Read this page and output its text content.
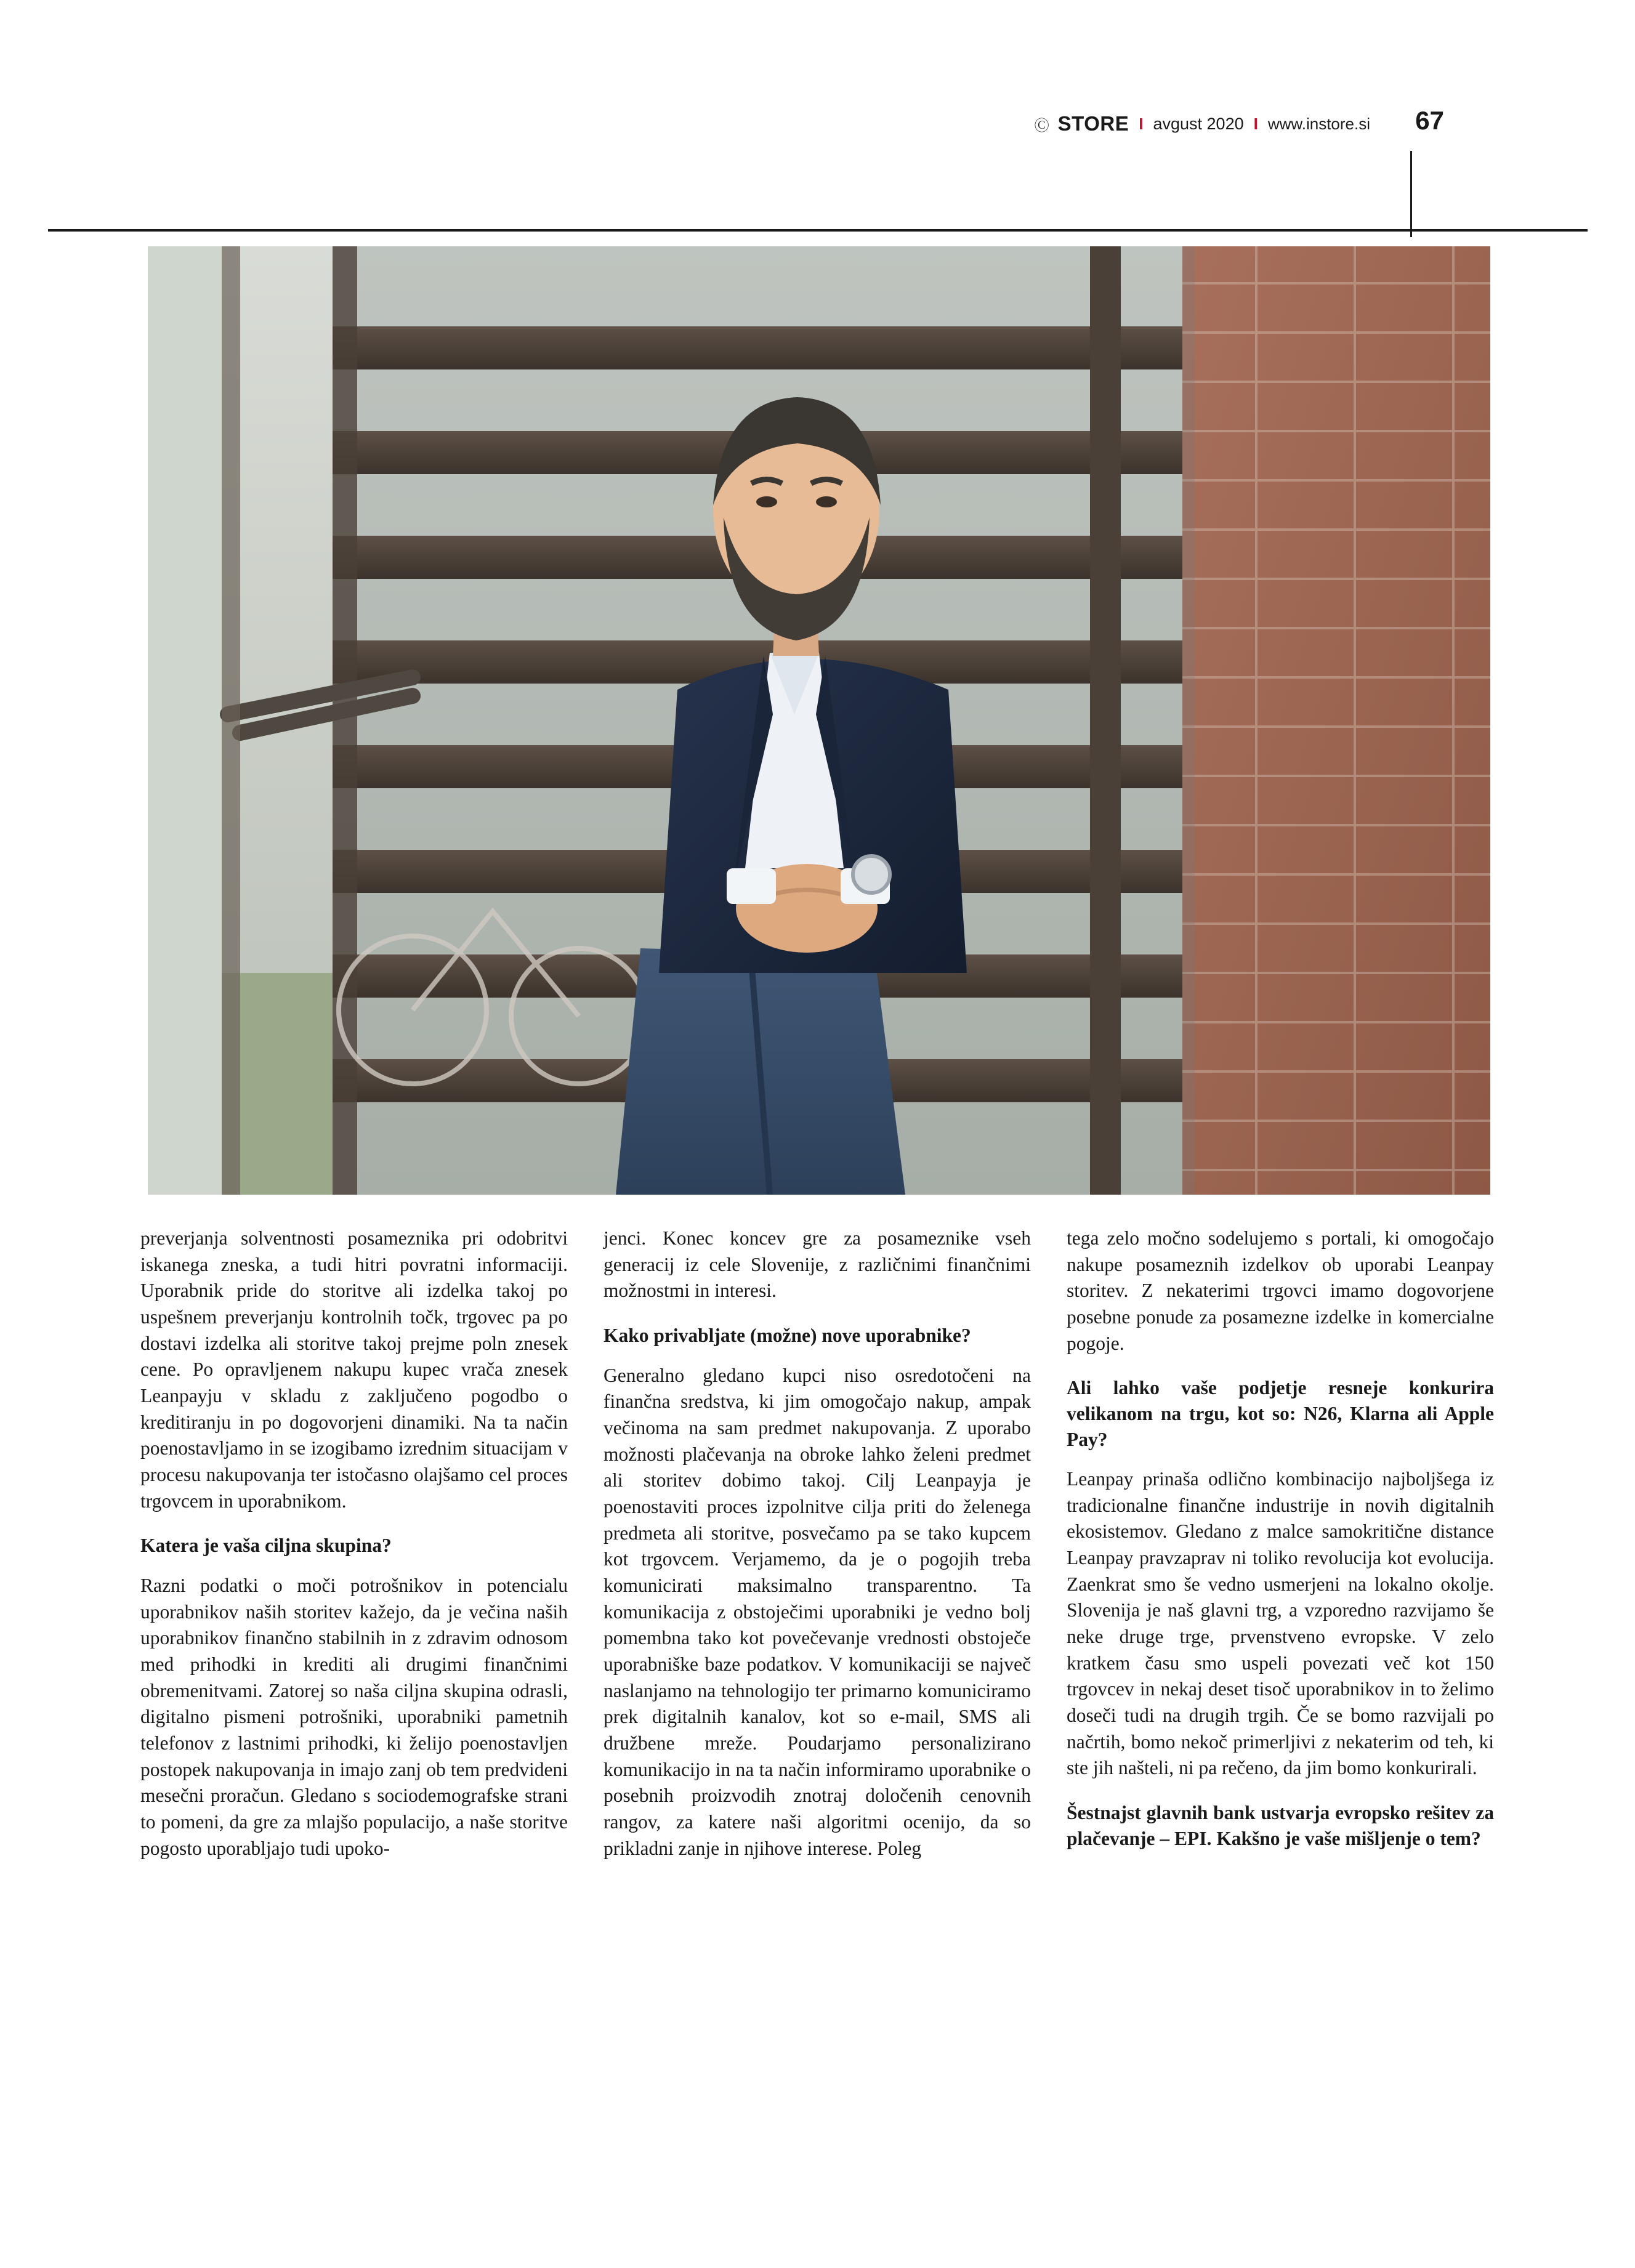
Ⓒ STORE I avgust 2020 I www.instore.si 67

preverjanja solventnosti posameznika pri odobritvi iskanega zneska, a tudi hitri povratni informaciji. Uporabnik pride do storitve ali izdelka takoj po uspešnem preverjanju kontrolnih točk, trgovec pa po dostavi izdelka ali storitve takoj prejme poln znesek cene. Po opravljenem nakupu kupec vrača znesek Leanpayju v skladu z zaključeno pogodbo o kreditiranju in po dogovorjeni dinamiki. Na ta način poenostavljamo in se izogibamo izrednim situacijam v procesu nakupovanja ter istočasno olajšamo cel proces trgovcem in uporabnikom.

Katera je vaša ciljna skupina?

Razni podatki o moči potrošnikov in potencialu uporabnikov naših storitev kažejo, da je večina naših uporabnikov finančno stabilnih in z zdravim odnosom med prihodki in krediti ali drugimi finančnimi obremenitvami. Zatorej so naša ciljna skupina odrasli, digitalno pismeni potrošniki, uporabniki pametnih telefonov z lastnimi prihodki, ki želijo poenostavljen postopek nakupovanja in imajo zanj ob tem predvideni mesečni proračun. Gledano s sociodemografske strani to pomeni, da gre za mlajšo populacijo, a naše storitve pogosto uporabljajo tudi upoko-

jenci. Konec koncev gre za posameznike vseh generacij iz cele Slovenije, z različnimi finančnimi možnostmi in interesi.

Kako privabljate (možne) nove uporabnike?

Generalno gledano kupci niso osredotočeni na finančna sredstva, ki jim omogočajo nakup, ampak večinoma na sam predmet nakupovanja. Z uporabo možnosti plačevanja na obroke lahko želeni predmet ali storitev dobimo takoj. Cilj Leanpayja je poenostaviti proces izpolnitve cilja priti do želenega predmeta ali storitve, posvečamo pa se tako kupcem kot trgovcem. Verjamemo, da je o pogojih treba komunicirati maksimalno transparentno. Ta komunikacija z obstoječimi uporabniki je vedno bolj pomembna tako kot povečevanje vrednosti obstoječe uporabniške baze podatkov. V komunikaciji se največ naslanjamo na tehnologijo ter primarno komuniciramo prek digitalnih kanalov, kot so e-mail, SMS ali družbene mreže. Poudarjamo personalizirano komunikacijo in na ta način informiramo uporabnike o posebnih proizvodih znotraj določenih cenovnih rangov, za katere naši algoritmi ocenijo, da so prikladni zanje in njihove interese. Poleg

tega zelo močno sodelujemo s portali, ki omogočajo nakupe posameznih izdelkov ob uporabi Leanpay storitev. Z nekaterimi trgovci imamo dogovorjene posebne ponude za posamezne izdelke in komercialne pogoje.

Ali lahko vaše podjetje resneje konkurira velikanom na trgu, kot so: N26, Klarna ali Apple Pay?

Leanpay prinaša odlično kombinacijo najboljšega iz tradicionalne finančne industrije in novih digitalnih ekosistemov. Gledano z malce samokritične distance Leanpay pravzaprav ni toliko revolucija kot evolucija. Zaenkrat smo še vedno usmerjeni na lokalno okolje. Slovenija je naš glavni trg, a vzporedno razvijamo še neke druge trge, prvenstveno evropske. V zelo kratkem času smo uspeli povezati več kot 150 trgovcev in nekaj deset tisoč uporabnikov in to želimo doseči tudi na drugih trgih. Če se bomo razvijali po načrtih, bomo nekoč primerljivi z nekaterim od teh, ki ste jih našteli, ni pa rečeno, da jim bomo konkurirali.

Šestnajst glavnih bank ustvarja evropsko rešitev za plačevanje – EPI. Kakšno je vaše mišljenje o tem?
